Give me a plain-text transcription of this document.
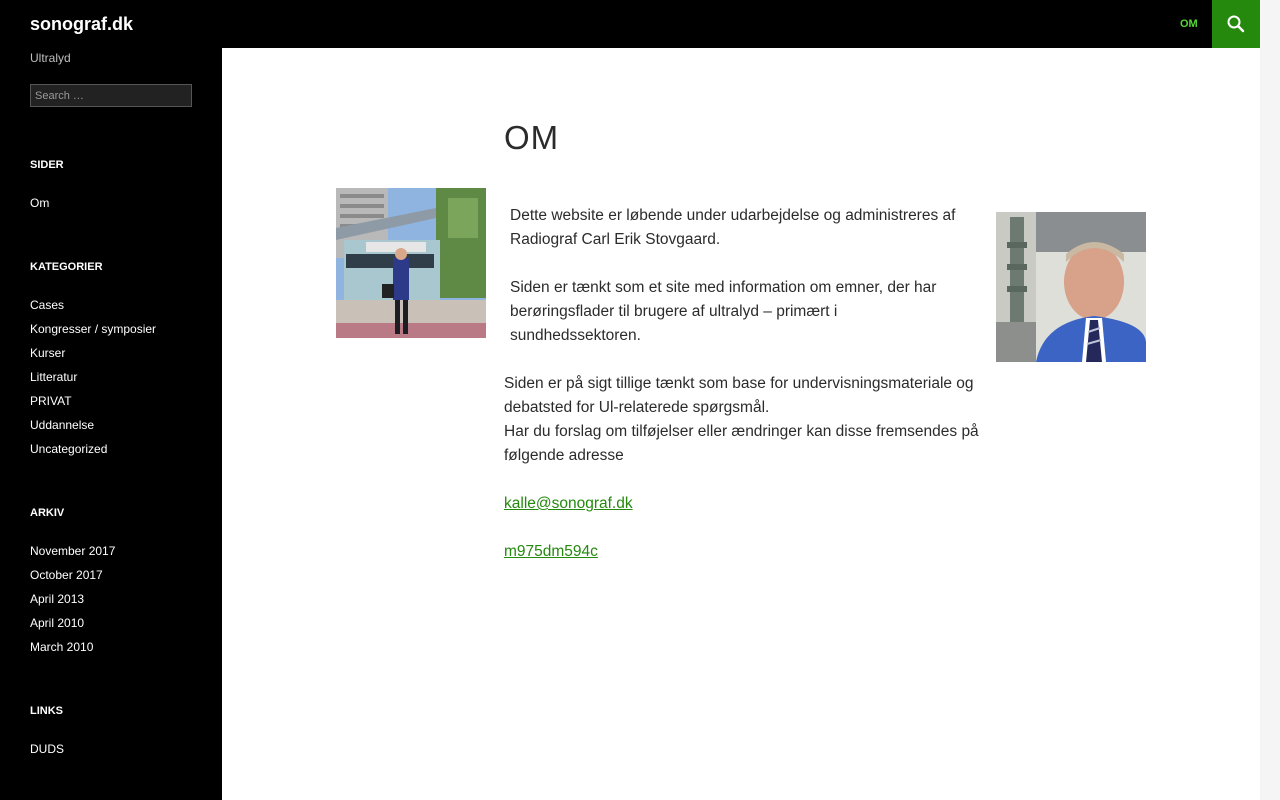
sonograf.dk	OM
Ultralyd
Search …
SIDER
Om
KATEGORIER
Cases
Kongresser / symposier
Kurser
Litteratur
PRIVAT
Uddannelse
Uncategorized
ARKIV
November 2017
October 2017
April 2013
April 2010
March 2010
LINKS
DUDS
OM

Dette website er løbende under udarbejdelse og administreres af Radiograf Carl Erik Stovgaard.

Siden er tænkt som et site med information om emner, der har berøringsflader til brugere af ultralyd – primært i sundhedssektoren.

Siden er på sigt tillige tænkt som base for undervisningsmateriale og debatsted for Ul-relaterede spørgsmål.

Har du forslag om tilføjelser eller ændringer kan disse fremsendes på følgende adresse

kalle@sonograf.dk
m975dm594c
